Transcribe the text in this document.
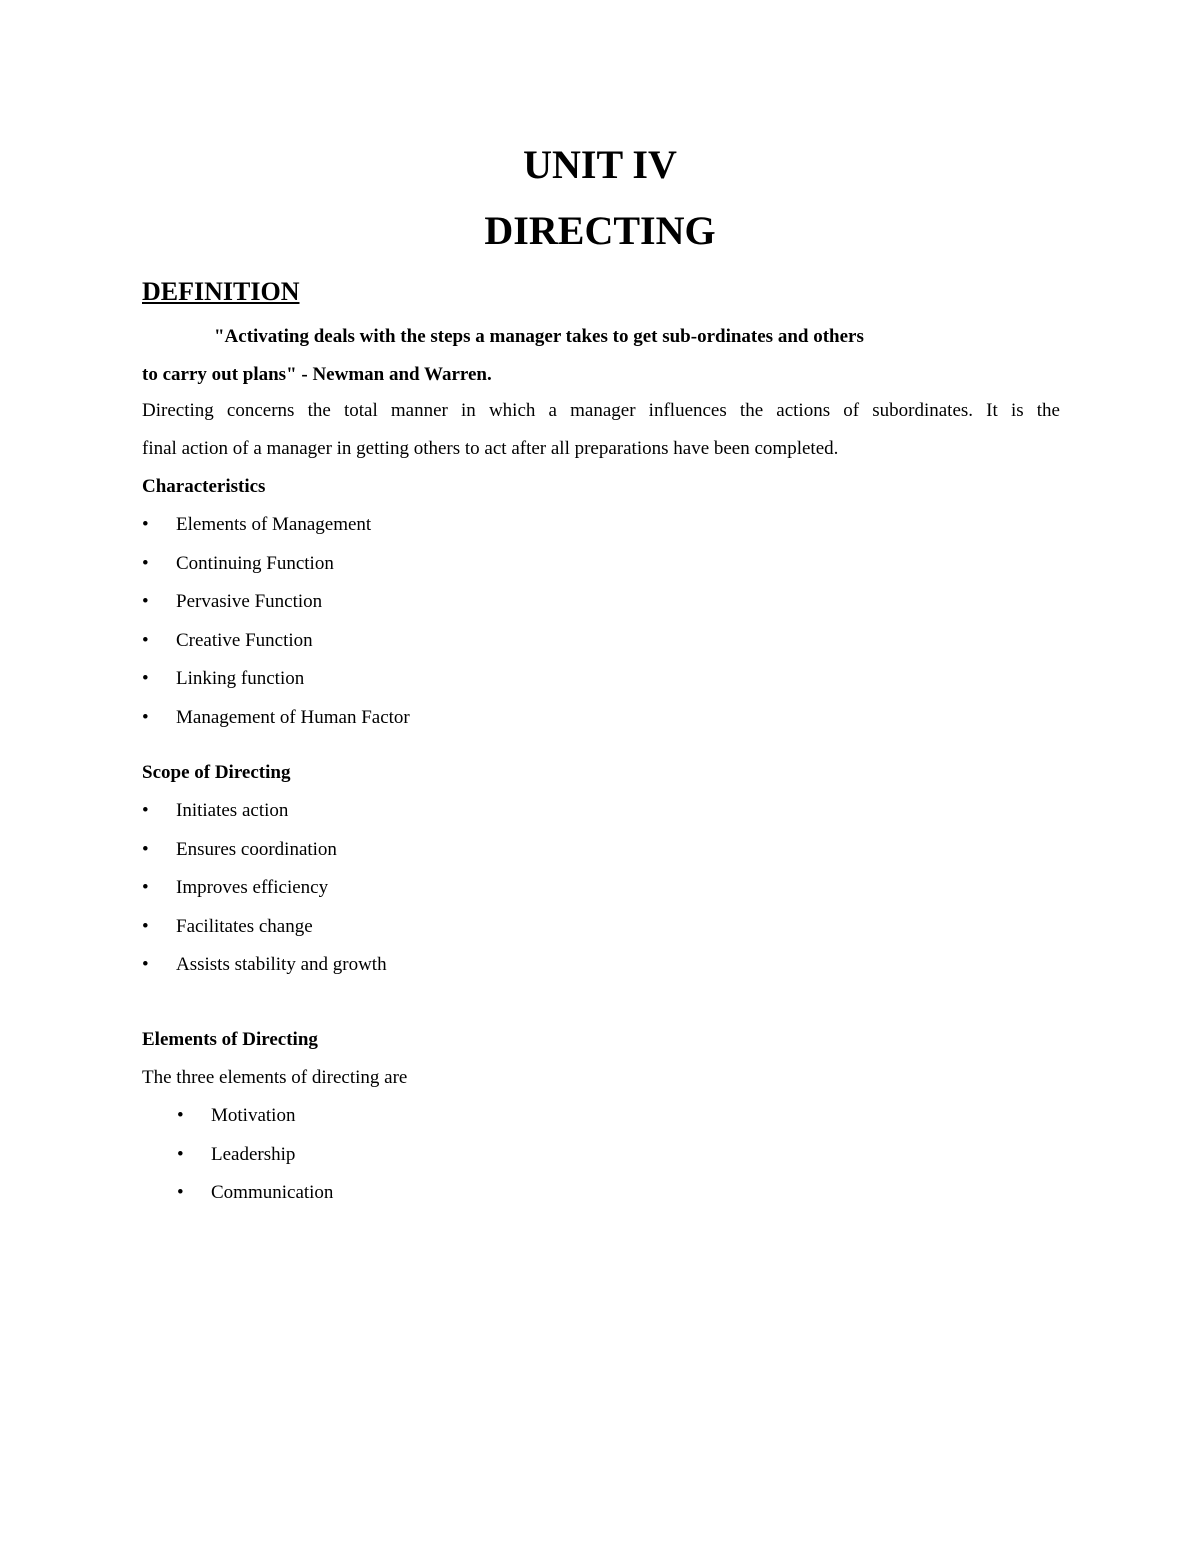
UNIT IV
DIRECTING
DEFINITION
"Activating deals with the steps a manager takes to get sub-ordinates and others
to carry out plans" - Newman and Warren.
Directing concerns the total manner in which a manager influences the actions of subordinates. It is the
final action of a manager in getting others to act after all preparations have been completed.
Characteristics
• Elements of Management
• Continuing Function
• Pervasive Function
• Creative Function
• Linking function
• Management of Human Factor
Scope of Directing
• Initiates action
• Ensures coordination
• Improves efficiency
• Facilitates change
• Assists stability and growth
Elements of Directing
The three elements of directing are
• Motivation
• Leadership
• Communication
